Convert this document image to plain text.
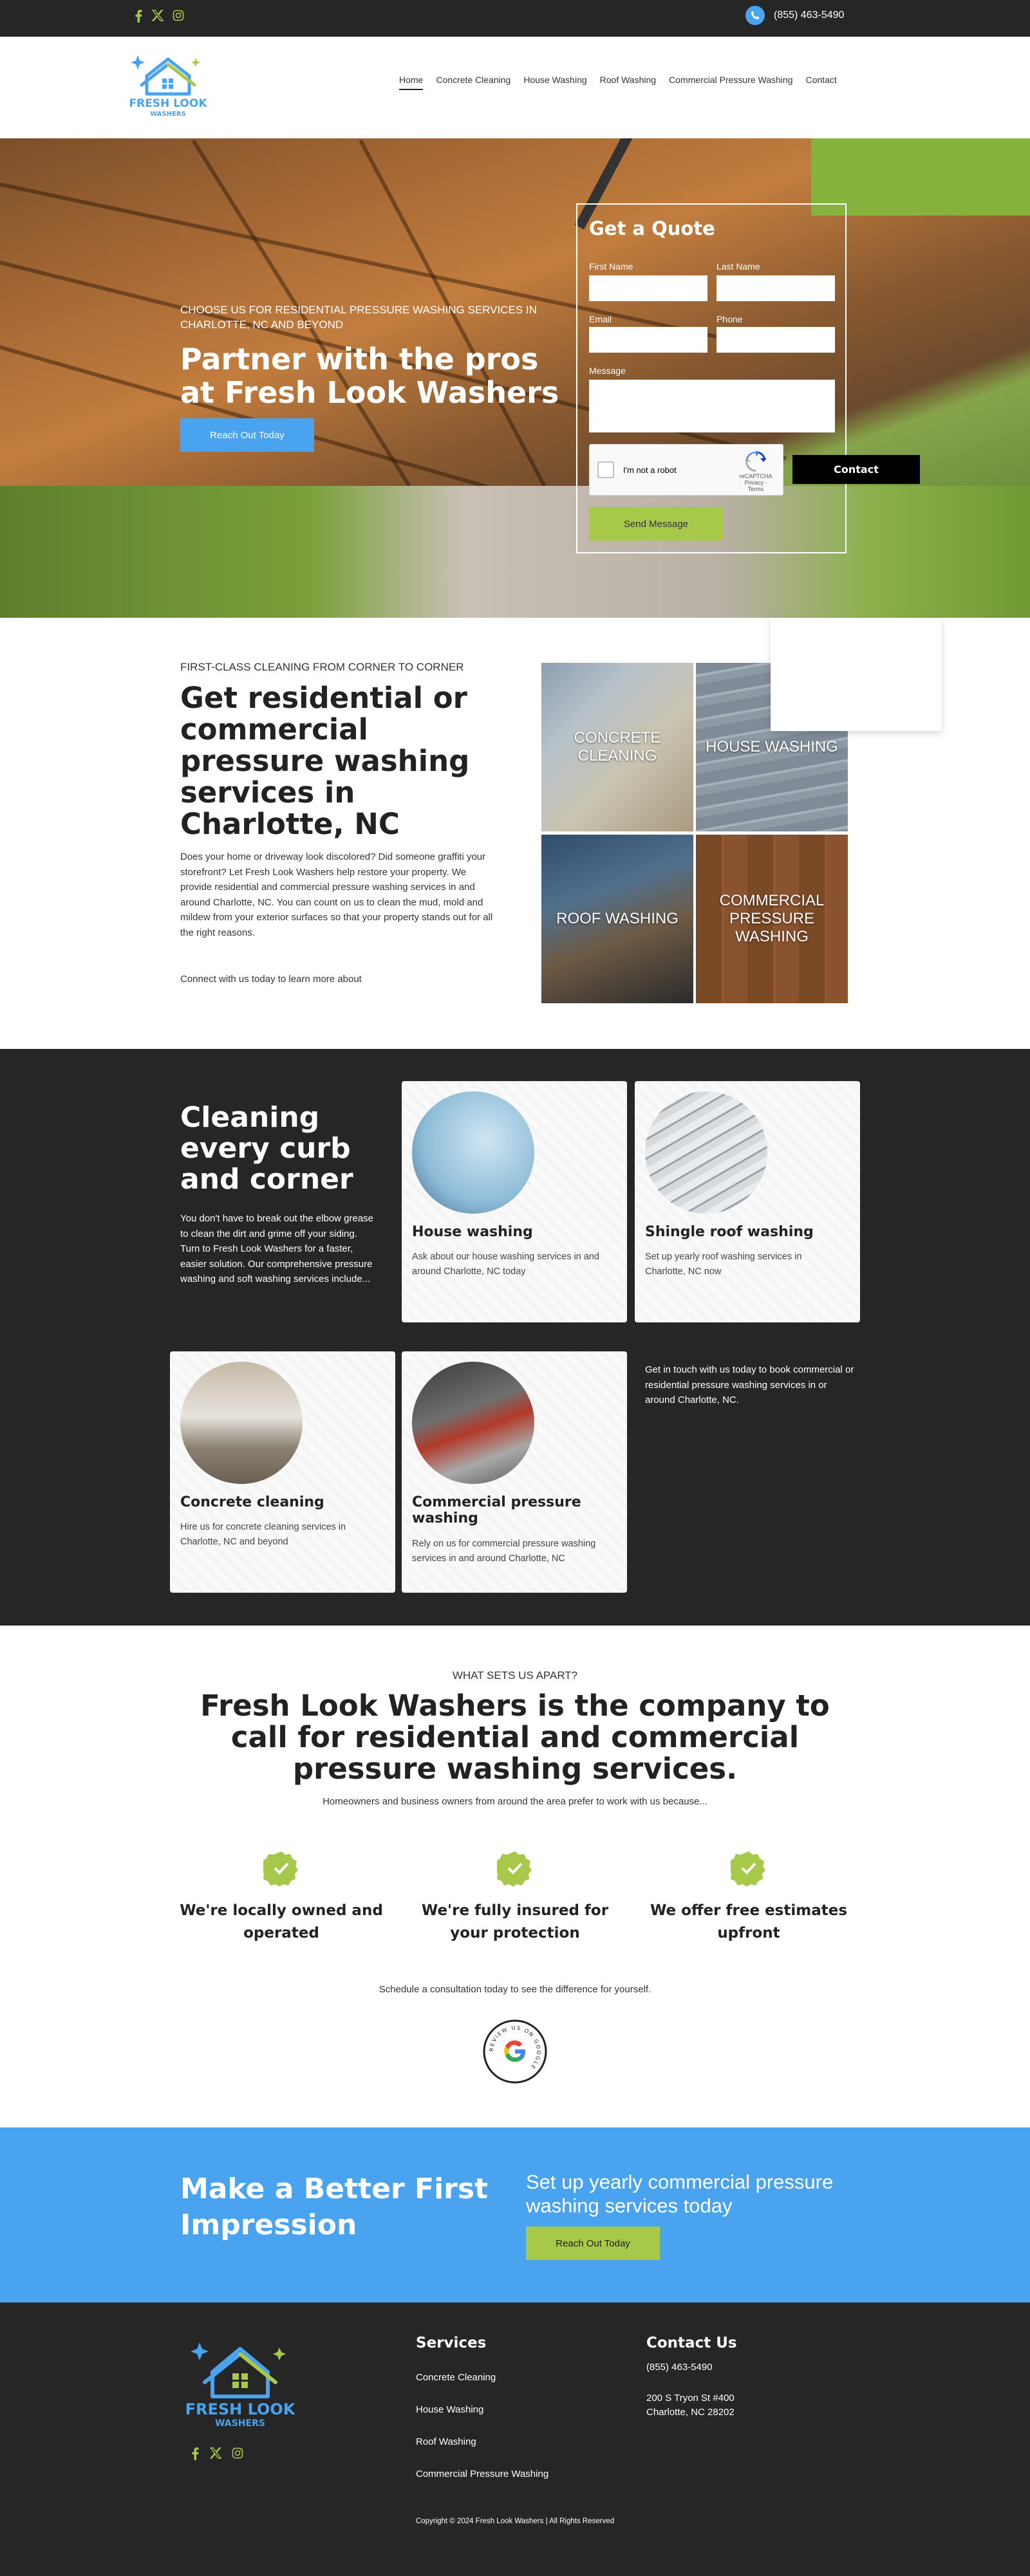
(855) 463-5490
FRESH LOOK
WASHERS
Home Concrete Cleaning House Washing Roof Washing Commercial Pressure Washing Contact
CHOOSE US FOR RESIDENTIAL PRESSURE WASHING SERVICES IN CHARLOTTE, NC AND BEYOND
Partner with the pros at Fresh Look Washers
Reach Out Today
Get a Quote
First Name	Last Name
Email	Phone
Message
I'm not a robot
reCAPTCHA
Privacy - Terms
Send Message
Contact
FIRST-CLASS CLEANING FROM CORNER TO CORNER
Get residential or commercial pressure washing services in Charlotte, NC
Does your home or driveway look discolored? Did someone graffiti your storefront? Let Fresh Look Washers help restore your property. We provide residential and commercial pressure washing services in and around Charlotte, NC. You can count on us to clean the mud, mold and mildew from your exterior surfaces so that your property stands out for all the right reasons.
Connect with us today to learn more about
CONCRETE CLEANING
HOUSE WASHING
ROOF WASHING
COMMERCIAL PRESSURE WASHING
Cleaning every curb and corner
You don't have to break out the elbow grease to clean the dirt and grime off your siding. Turn to Fresh Look Washers for a faster, easier solution. Our comprehensive pressure washing and soft washing services include...
House washing

Ask about our house washing services in and around Charlotte, NC today

Shingle roof washing

Set up yearly roof washing services in Charlotte, NC now

Concrete cleaning

Hire us for concrete cleaning services in Charlotte, NC and beyond

Commercial pressure washing

Rely on us for commercial pressure washing services in and around Charlotte, NC

Get in touch with us today to book commercial or residential pressure washing services in or around Charlotte, NC.
WHAT SETS US APART?
Fresh Look Washers is the company to call for residential and commercial pressure washing services.
Homeowners and business owners from around the area prefer to work with us because...
We're locally owned and operated
We're fully insured for your protection
We offer free estimates upfront
Schedule a consultation today to see the difference for yourself.
REVIEW US ON GOOGLE
Make a Better First Impression
Set up yearly commercial pressure washing services today
Reach Out Today
FRESH LOOK
WASHERS
Services
Concrete Cleaning
House Washing
Roof Washing
Commercial Pressure Washing
Contact Us
(855) 463-5490
200 S Tryon St #400
Charlotte, NC 28202
Copyright © 2024 Fresh Look Washers | All Rights Reserved
